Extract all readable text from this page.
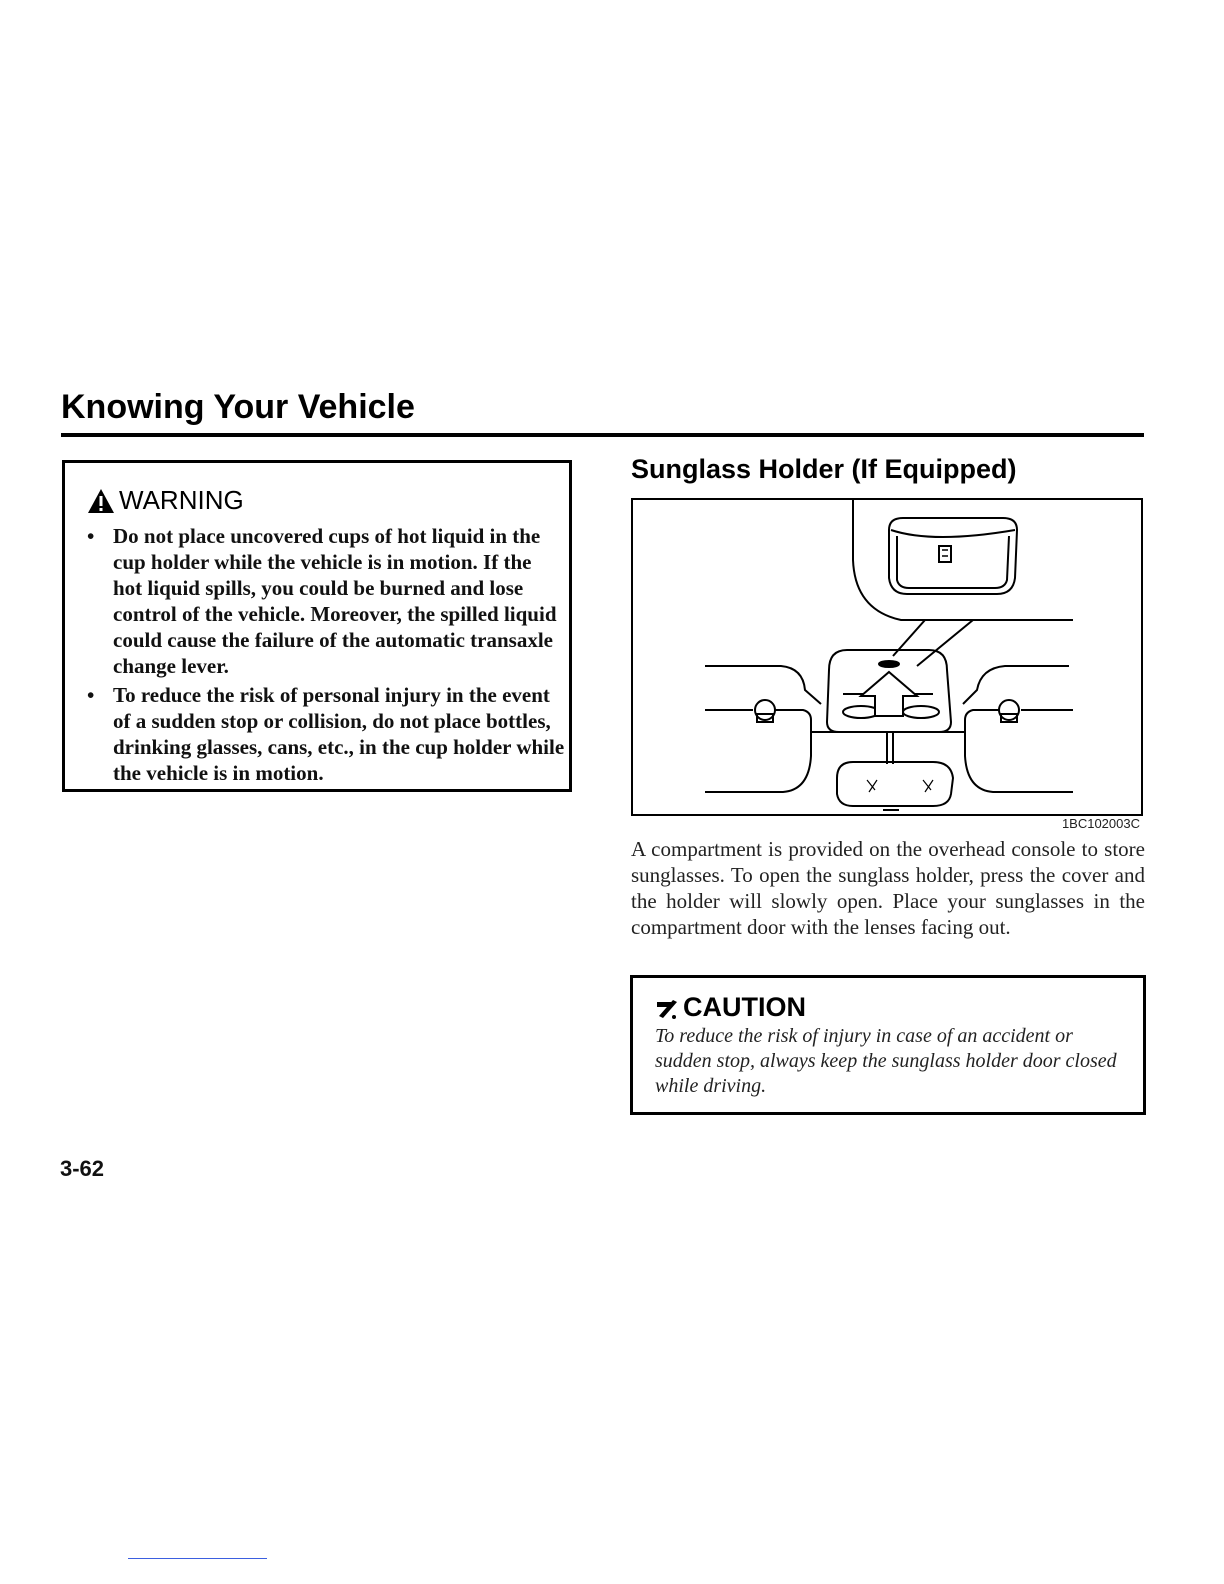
Knowing Your Vehicle
WARNING
• Do not place uncovered cups of hot liquid in the cup holder while the vehicle is in motion. If the hot liquid spills, you could be burned and lose control of the vehicle. Moreover, the spilled liquid could cause the failure of the automatic transaxle change lever.
• To reduce the risk of personal injury in the event of a sudden stop or collision, do not place bottles, drinking glasses, cans, etc., in the cup holder while the vehicle is in motion.
Sunglass Holder (If Equipped)
1BC102003C

A compartment is provided on the overhead console to store sunglasses. To open the sunglass holder, press the cover and the holder will slowly open. Place your sunglasses in the compartment door with the lenses facing out.

CAUTION

To reduce the risk of injury in case of an accident or sudden stop, always keep the sunglass holder door closed while driving.

3-62
